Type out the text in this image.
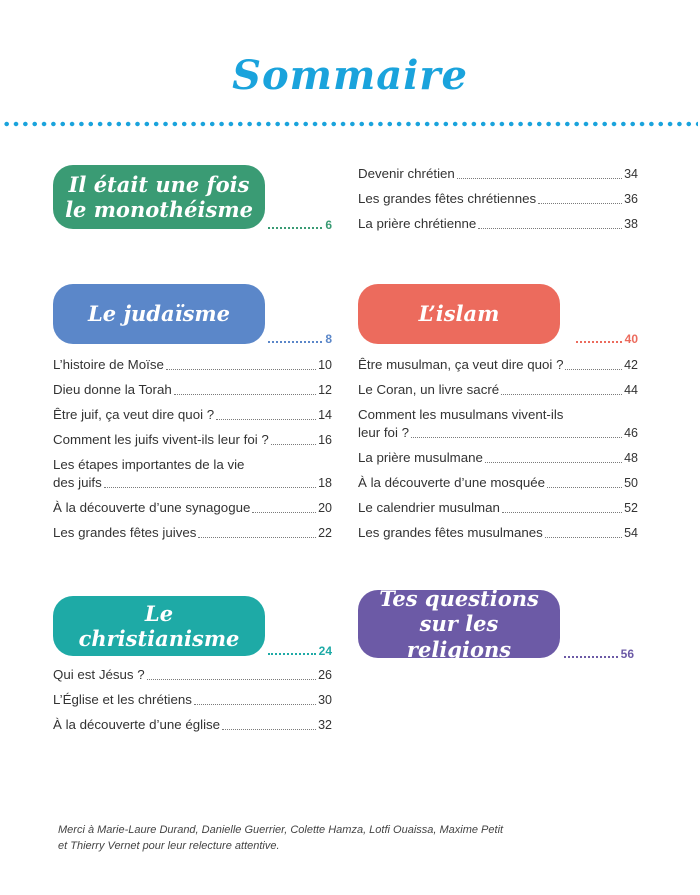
Sommaire
Il était une fois
le monothéisme
6
Le judaïsme
8
L’histoire de Moïse	10
Dieu donne la Torah	12
Être juif, ça veut dire quoi ?	14
Comment les juifs vivent-ils leur foi ?	16
Les étapes importantes de la vie
des juifs	18
À la découverte d’une synagogue	20
Les grandes fêtes juives	22
Le christianisme	24
Qui est Jésus ?	26
L’Église et les chrétiens	30
À la découverte d’une église	32
Devenir chrétien	34
Les grandes fêtes chrétiennes	36
La prière chrétienne	38
L’islam
40
Être musulman, ça veut dire quoi ?	42
Le Coran, un livre sacré	44
Comment les musulmans vivent-ils
leur foi ?	46
La prière musulmane	48
À la découverte d’une mosquée	50
Le calendrier musulman	52
Les grandes fêtes musulmanes	54
Tes questions
sur les religions	56
Merci à Marie-Laure Durand, Danielle Guerrier, Colette Hamza, Lotfi Ouaissa, Maxime Petit
et Thierry Vernet pour leur relecture attentive.
